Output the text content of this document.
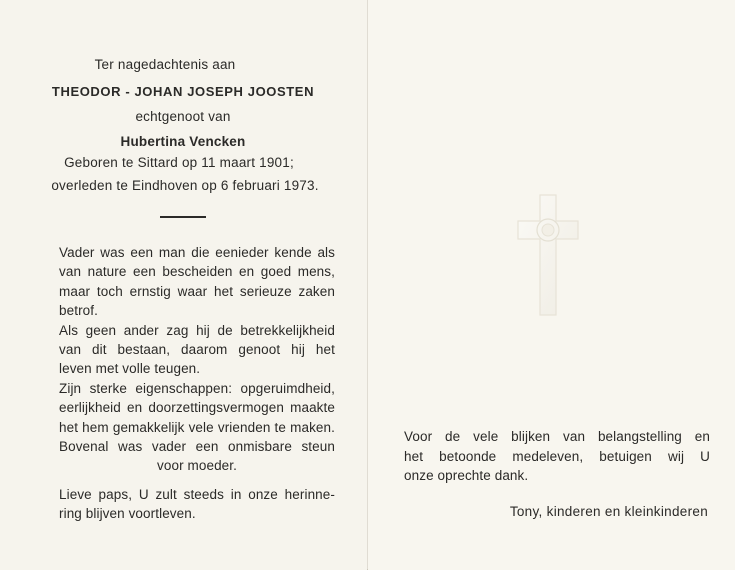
Ter nagedachtenis aan
THEODOR - JOHAN JOSEPH JOOSTEN
echtgenoot van
Hubertina Vencken
Geboren te Sittard op 11 maart 1901;
overleden te Eindhoven op 6 februari 1973.
Vader was een man die eenieder kende als
van nature een bescheiden en goed mens,
maar toch ernstig waar het serieuze zaken
betrof.
Als geen ander zag hij de betrekkelijkheid
van dit bestaan, daarom genoot hij het
leven met volle teugen.
Zijn sterke eigenschappen: opgeruimdheid,
eerlijkheid en doorzettingsvermogen maakte
het hem gemakkelijk vele vrienden te maken.
Bovenal was vader een onmisbare steun
voor moeder.
Lieve paps, U zult steeds in onze herinne-
ring blijven voortleven.
Voor de vele blijken van belangstelling en
het betoonde medeleven, betuigen wij U
onze oprechte dank.
Tony, kinderen en kleinkinderen
